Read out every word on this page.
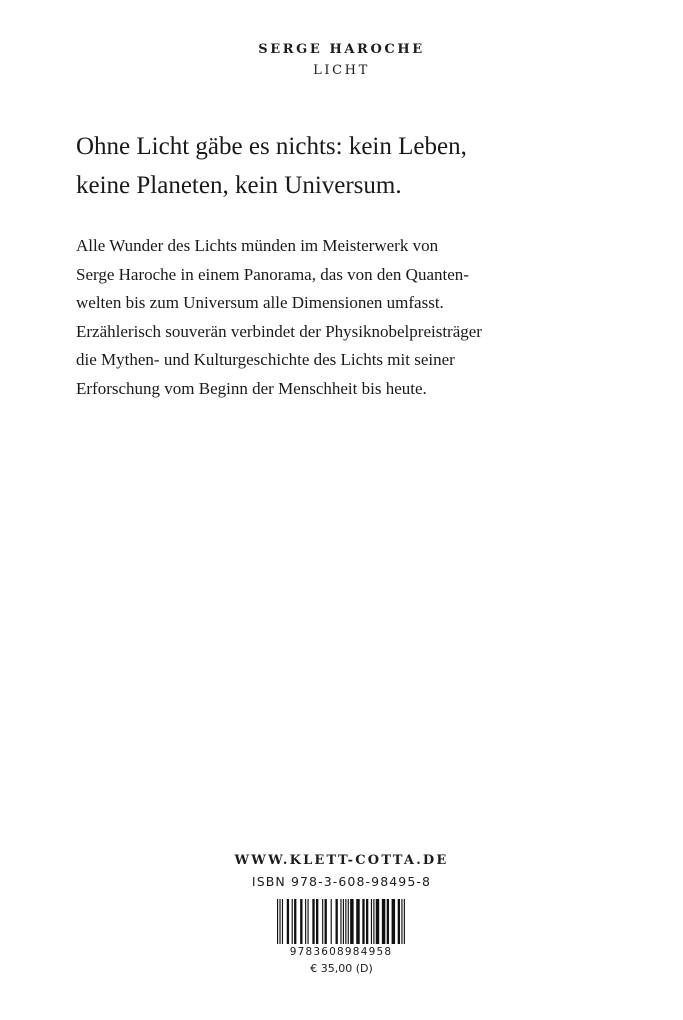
SERGE HAROCHE
LICHT
Ohne Licht gäbe es nichts: kein Leben,
keine Planeten, kein Universum.
Alle Wunder des Lichts münden im Meisterwerk von
Serge Haroche in einem Panorama, das von den Quanten-
welten bis zum Universum alle Dimensionen umfasst.
Erzählerisch souverän verbindet der Physiknobelpreisträger
die Mythen- und Kulturgeschichte des Lichts mit seiner
Erforschung vom Beginn der Menschheit bis heute.
WWW.KLETT-COTTA.DE
ISBN 978-3-608-98495-8
9783608984958
€ 35,00 (D)
